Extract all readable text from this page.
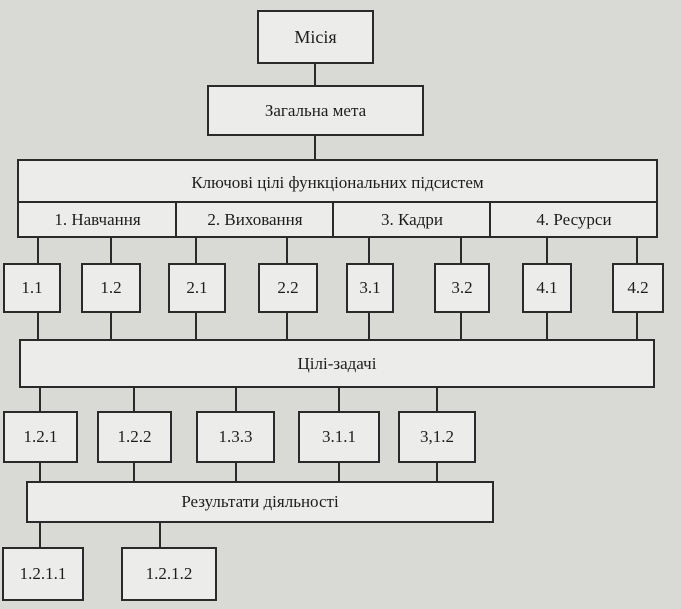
Місія
Загальна мета
Ключові цілі функціональних підсистем
1. Навчання	2. Виховання	3. Кадри	4. Ресурси
1.1	1.2	2.1	2.2	3.1	3.2	4.1	4.2
Цілі-задачі
1.2.1	1.2.2	1.3.3	3.1.1	3,1.2
Результати діяльності
1.2.1.1	1.2.1.2
